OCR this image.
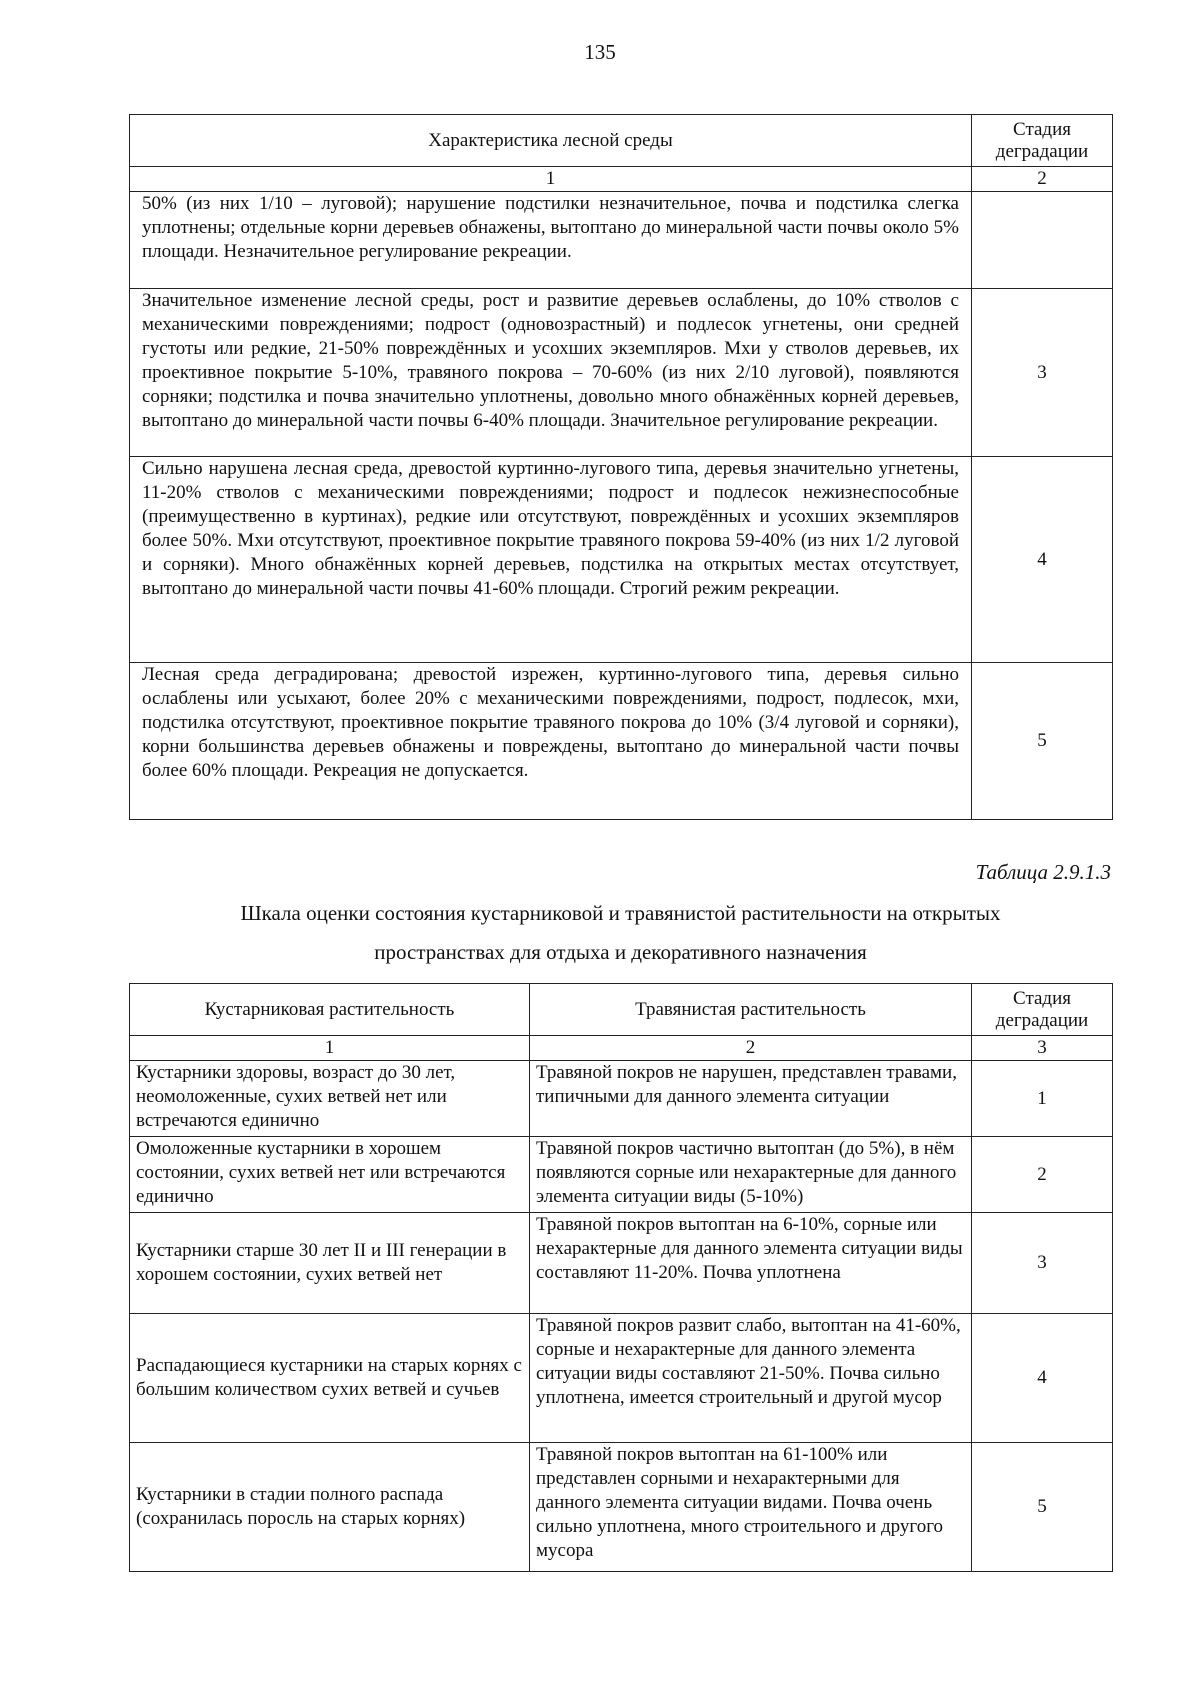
135
Характеристика лесной среды	Стадия деградации
1	2
50% (из них 1/10 – луговой); нарушение подстилки незначительное, почва и подстилка слегка уплотнены; отдельные корни деревьев обнажены, вытоптано до минеральной части почвы около 5% площади. Незначительное регулирование рекреации.	
Значительное изменение лесной среды, рост и развитие деревьев ослаблены, до 10% стволов с механическими повреждениями; подрост (одновозрастный) и подлесок угнетены, они средней густоты или редкие, 21-50% повреждённых и усохших экземпляров. Мхи у стволов деревьев, их проективное покрытие 5-10%, травяного покрова – 70-60% (из них 2/10 луговой), появляются сорняки; подстилка и почва значительно уплотнены, довольно много обнажённых корней деревьев, вытоптано до минеральной части почвы 6-40% площади. Значительное регулирование рекреации.	3
Сильно нарушена лесная среда, древостой куртинно-лугового типа, деревья значительно угнетены, 11-20% стволов с механическими повреждениями; подрост и подлесок нежизнеспособные (преимущественно в куртинах), редкие или отсутствуют, повреждённых и усохших экземпляров более 50%. Мхи отсутствуют, проективное покрытие травяного покрова 59-40% (из них 1/2 луговой и сорняки). Много обнажённых корней деревьев, подстилка на открытых местах отсутствует, вытоптано до минеральной части почвы 41-60% площади. Строгий режим рекреации.	4
Лесная среда деградирована; древостой изрежен, куртинно-лугового типа, деревья сильно ослаблены или усыхают, более 20% с механическими повреждениями, подрост, подлесок, мхи, подстилка отсутствуют, проективное покрытие травяного покрова до 10% (3/4 луговой и сорняки), корни большинства деревьев обнажены и повреждены, вытоптано до минеральной части почвы более 60% площади. Рекреация не допускается.	5
Таблица 2.9.1.3
Шкала оценки состояния кустарниковой и травянистой растительности на открытых
пространствах для отдыха и декоративного назначения
Кустарниковая растительность	Травянистая растительность	Стадия деградации
1	2	3
Кустарники здоровы, возраст до 30 лет, неомоложенные, сухих ветвей нет или встречаются единично	Травяной покров не нарушен, представлен травами, типичными для данного элемента ситуации	1
Омоложенные кустарники в хорошем состоянии, сухих ветвей нет или встречаются единично	Травяной покров частично вытоптан (до 5%), в нём появляются сорные или нехарактерные для данного элемента ситуации виды (5-10%)	2
Кустарники старше 30 лет II и III генерации в хорошем состоянии, сухих ветвей нет	Травяной покров вытоптан на 6-10%, сорные или нехарактерные для данного элемента ситуации виды составляют 11-20%. Почва уплотнена	3
Распадающиеся кустарники на старых корнях с большим количеством сухих ветвей и сучьев	Травяной покров развит слабо, вытоптан на 41-60%, сорные и нехарактерные для данного элемента ситуации виды составляют 21-50%. Почва сильно уплотнена, имеется строительный и другой мусор	4
Кустарники в стадии полного распада (сохранилась поросль на старых корнях)	Травяной покров вытоптан на 61-100% или представлен сорными и нехарактерными для данного элемента ситуации видами. Почва очень сильно уплотнена, много строительного и другого мусора	5
